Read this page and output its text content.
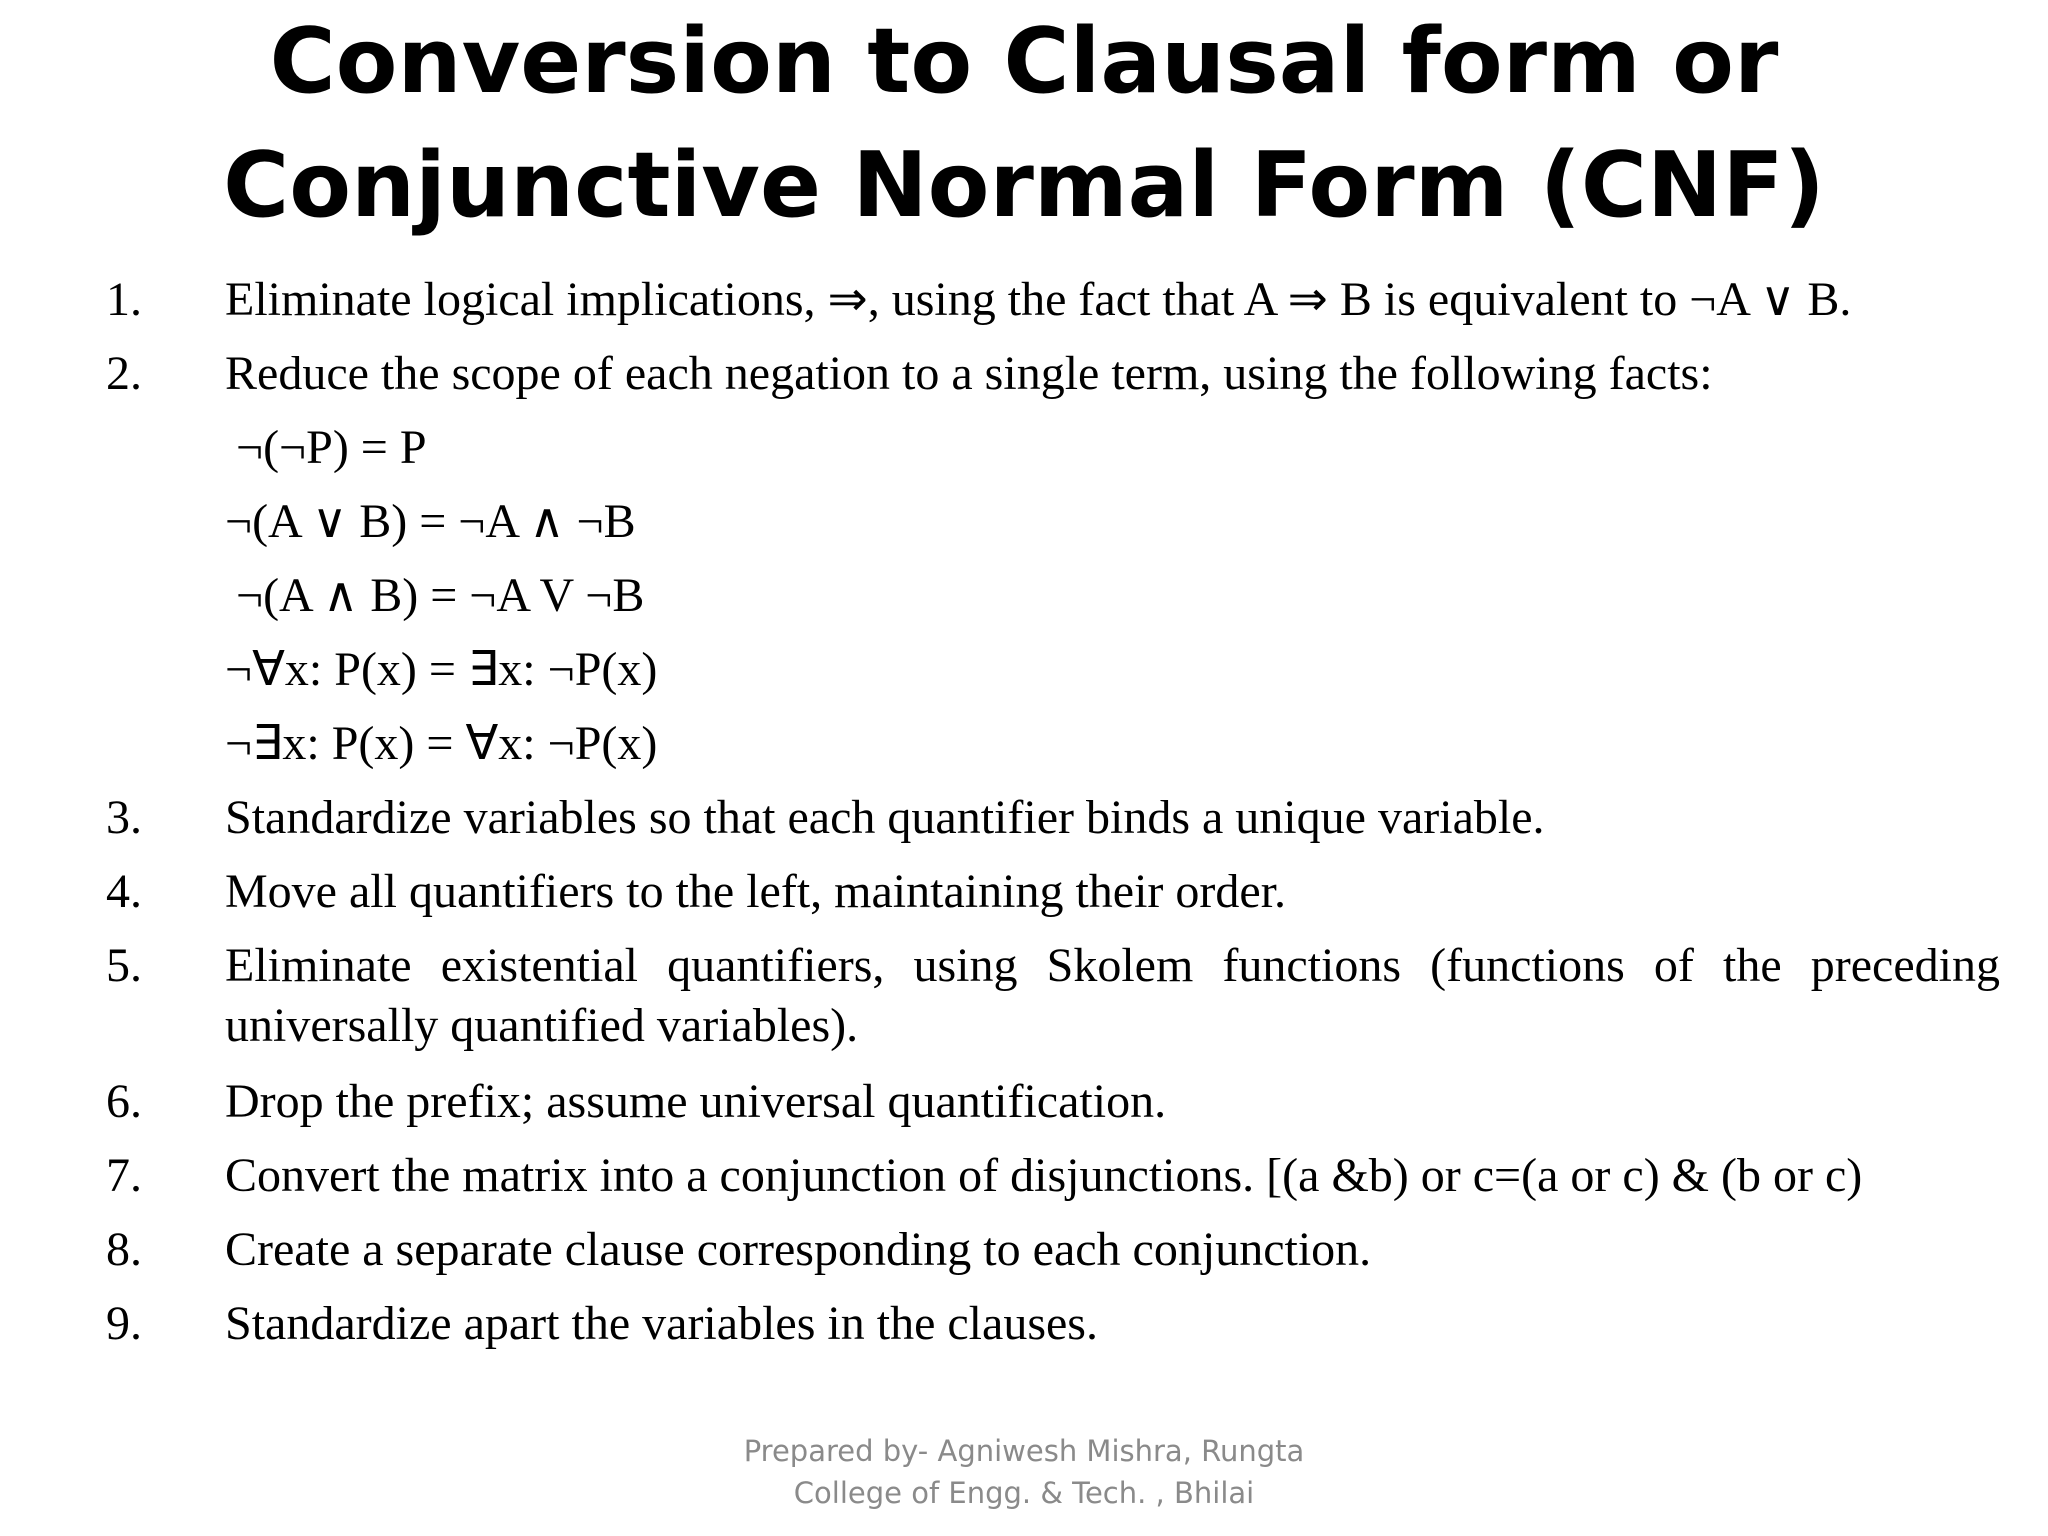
Conversion to Clausal form or
Conjunctive Normal Form (CNF)
1. Eliminate logical implications, ⇒, using the fact that A ⇒ B is equivalent to ¬A ∨ B.
2. Reduce the scope of each negation to a single term, using the following facts:
¬(¬P) = P
¬(A ∨ B) = ¬A ∧ ¬B
¬(A ∧ B) = ¬A V ¬B
¬∀x: P(x) = ∃x: ¬P(x)
¬∃x: P(x) = ∀x: ¬P(x)
3. Standardize variables so that each quantifier binds a unique variable.
4. Move all quantifiers to the left, maintaining their order.
5. Eliminate existential quantifiers, using Skolem functions (functions of the preceding universally quantified variables).
6. Drop the prefix; assume universal quantification.
7. Convert the matrix into a conjunction of disjunctions. [(a &b) or c=(a or c) & (b or c)
8. Create a separate clause corresponding to each conjunction.
9. Standardize apart the variables in the clauses.
Prepared by- Agniwesh Mishra, Rungta
College of Engg. & Tech. , Bhilai
